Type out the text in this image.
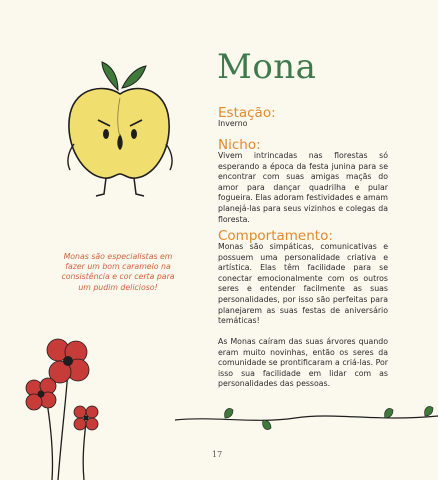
Mona
Estação:
Inverno
Nicho:
Vivem intrincadas nas florestas só esperando a época da festa junina para se encontrar com suas amigas maçãs do amor para dançar quadrilha e pular fogueira. Elas adoram festividades e amam planejá-las para seus vizinhos e colegas da floresta.
Comportamento:
Monas são simpáticas, comunicativas e possuem uma personalidade criativa e artística. Elas têm facilidade para se conectar emocionalmente com os outros seres e entender facilmente as suas personalidades, por isso são perfeitas para planejarem as suas festas de aniversário temáticas!
As Monas caíram das suas árvores quando eram muito novinhas, então os seres da comunidade se prontificaram a criá-las. Por isso sua facilidade em lidar com as personalidades das pessoas.
Monas são especialistas em fazer um bom caramelo na consistência e cor certa para um pudim delicioso!
17
